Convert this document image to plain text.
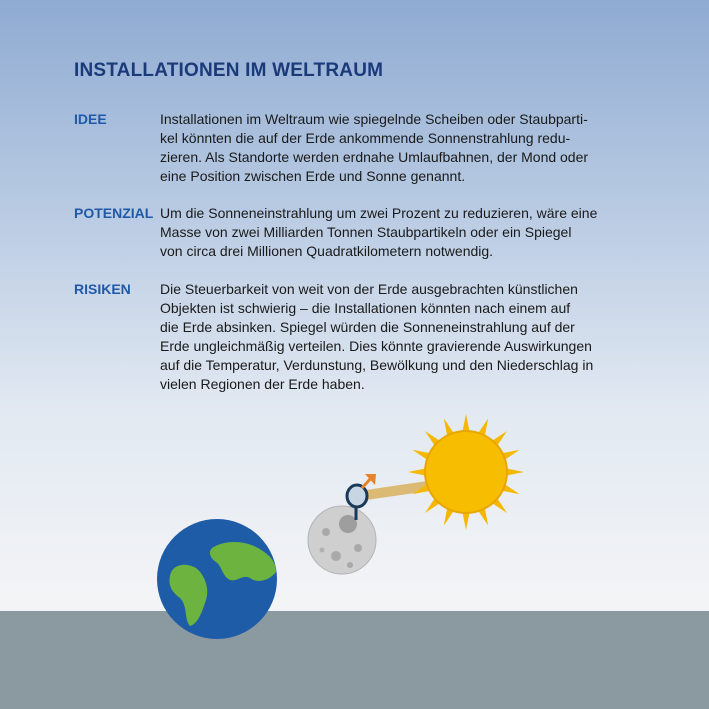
INSTALLATIONEN IM WELTRAUM
IDEE	Installationen im Weltraum wie spiegelnde Scheiben oder Staubparti-
kel könnten die auf der Erde ankommende Sonnenstrahlung redu-
zieren. Als Standorte werden erdnahe Umlaufbahnen, der Mond oder
eine Position zwischen Erde und Sonne genannt.
POTENZIAL Um die Sonneneinstrahlung um zwei Prozent zu reduzieren, wäre eine
Masse von zwei Milliarden Tonnen Staubpartikeln oder ein Spiegel
von circa drei Millionen Quadratkilometern notwendig.
RISIKEN Die Steuerbarkeit von weit von der Erde ausgebrachten künstlichen
Objekten ist schwierig – die Installationen könnten nach einem auf
die Erde absinken. Spiegel würden die Sonneneinstrahlung auf der
Erde ungleichmäßig verteilen. Dies könnte gravierende Auswirkungen
auf die Temperatur, Verdunstung, Bewölkung und den Niederschlag in
vielen Regionen der Erde haben.
